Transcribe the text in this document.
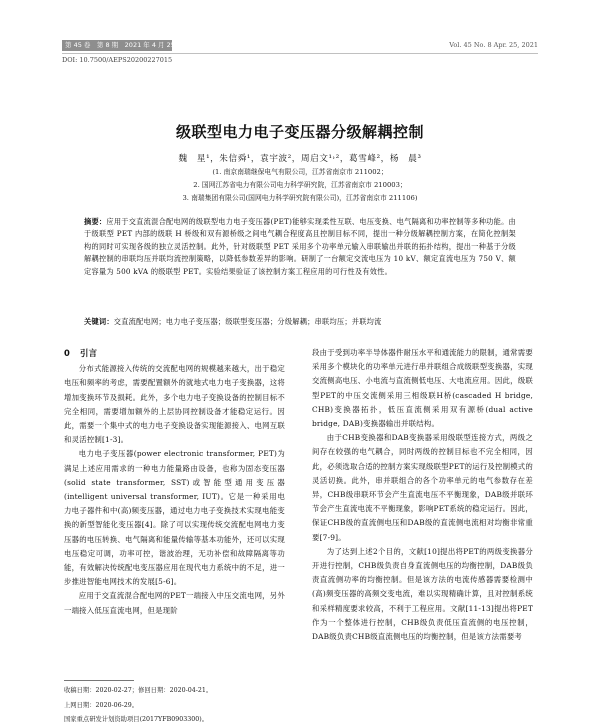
第 45 卷　第 8 期　2021 年 4 月 25 日	Vol. 45 No. 8 Apr. 25, 2021
DOI: 10.7500/AEPS20200227015
级联型电力电子变压器分级解耦控制
魏　星¹，朱信舜¹，袁宇波²，周启文¹˒²，葛雪峰²，杨　晨³
(1. 南京南瑞继保电气有限公司，江苏省南京市 211002；
2. 国网江苏省电力有限公司电力科学研究院，江苏省南京市 210003；
3. 南瑞集团有限公司(国网电力科学研究院有限公司)，江苏省南京市 211106)
摘要：应用于交直流混合配电网的级联型电力电子变压器(PET)能够实现柔性互联、电压变换、电气隔离和功率控制等多种功能。由于级联型 PET 内部的级联 H 桥级和双有源桥级之间电气耦合程度高且控制目标不同，提出一种分级解耦控制方案，在简化控制架构的同时可实现各级的独立灵活控制。此外，针对级联型 PET 采用多个功率单元输入串联输出并联的拓扑结构，提出一种基于分级解耦控制的串联均压并联均流控制策略，以降低参数差异的影响。研制了一台额定交流电压为 10 kV、额定直流电压为 750 V、额定容量为 500 kVA 的级联型 PET。实验结果验证了该控制方案工程应用的可行性及有效性。
关键词：交直流配电网；电力电子变压器；级联型变压器；分级解耦；串联均压；并联均流

0 引言

分布式能源接入传统的交流配电网的规模越来越大，出于稳定电压和频率的考虑，需要配置额外的就地式电力电子变换器，这将增加变换环节及损耗。此外，多个电力电子变换设备的控制目标不完全相同，需要增加额外的上层协同控制设备才能稳定运行。因此，需要一个集中式的电力电子变换设备实现能源接入、电网互联和灵活控制[1-3]。

电力电子变压器(power electronic transformer, PET)为满足上述应用需求的一种电力能量路由设备，也称为固态变压器(solid state transformer, SST)或智能型通用变压器(intelligent universal transformer, IUT)。它是一种采用电力电子器件和中(高)频变压器，通过电力电子变换技术实现电能变换的新型智能化变压器[4]。除了可以实现传统交流配电网电力变压器的电压转换、电气隔离和能量传输等基本功能外，还可以实现电压稳定可调，功率可控，谐波治理，无功补偿和故障隔离等功能，有效解决传统配电变压器应用在现代电力系统中的不足，进一步推进智能电网技术的发展[5-6]。

应用于交直流混合配电网的PET一端接入中压交流电网，另外一端接入低压直流电网，但是现阶

段由于受到功率半导体器件耐压水平和通流能力的限制，通常需要采用多个模块化的功率单元进行串并联组合成级联型变换器，实现交流侧高电压、小电流与直流侧低电压、大电流应用。因此，级联型PET的中压交流侧采用三相级联H桥(cascaded H bridge, CHB)变换器拓扑，低压直流侧采用双有源桥(dual active bridge, DAB)变换器输出并联结构。

由于CHB变换器和DAB变换器采用级联型连接方式，两级之间存在较强的电气耦合，同时两级的控制目标也不完全相同，因此，必须选取合适的控制方案实现级联型PET的运行及控制模式的灵活切换。此外，串并联组合的各个功率单元的电气参数存在差异，CHB级串联环节会产生直流电压不平衡现象，DAB级并联环节会产生直流电流不平衡现象，影响PET系统的稳定运行。因此，保证CHB级的直流侧电压和DAB级的直流侧电流相对均衡非常重要[7-9]。

为了达到上述2个目的，文献[10]提出将PET的两级变换器分开进行控制，CHB级负责自身直流侧电压的均衡控制，DAB级负责直流侧功率的均衡控制。但是该方法的电流传感器需要检测中(高)频变压器的高频交变电流，难以实现精确计算，且对控制系统和采样精度要求较高，不利于工程应用。文献[11-13]提出将PET作为一个整体进行控制，CHB级负责低压直流侧的电压控制，DAB级负责CHB级直流侧电压的均衡控制，但是该方法需要考

收稿日期：2020-02-27；修回日期：2020-04-21。
上网日期：2020-06-29。
国家重点研发计划资助项目(2017YFB0903300)。
